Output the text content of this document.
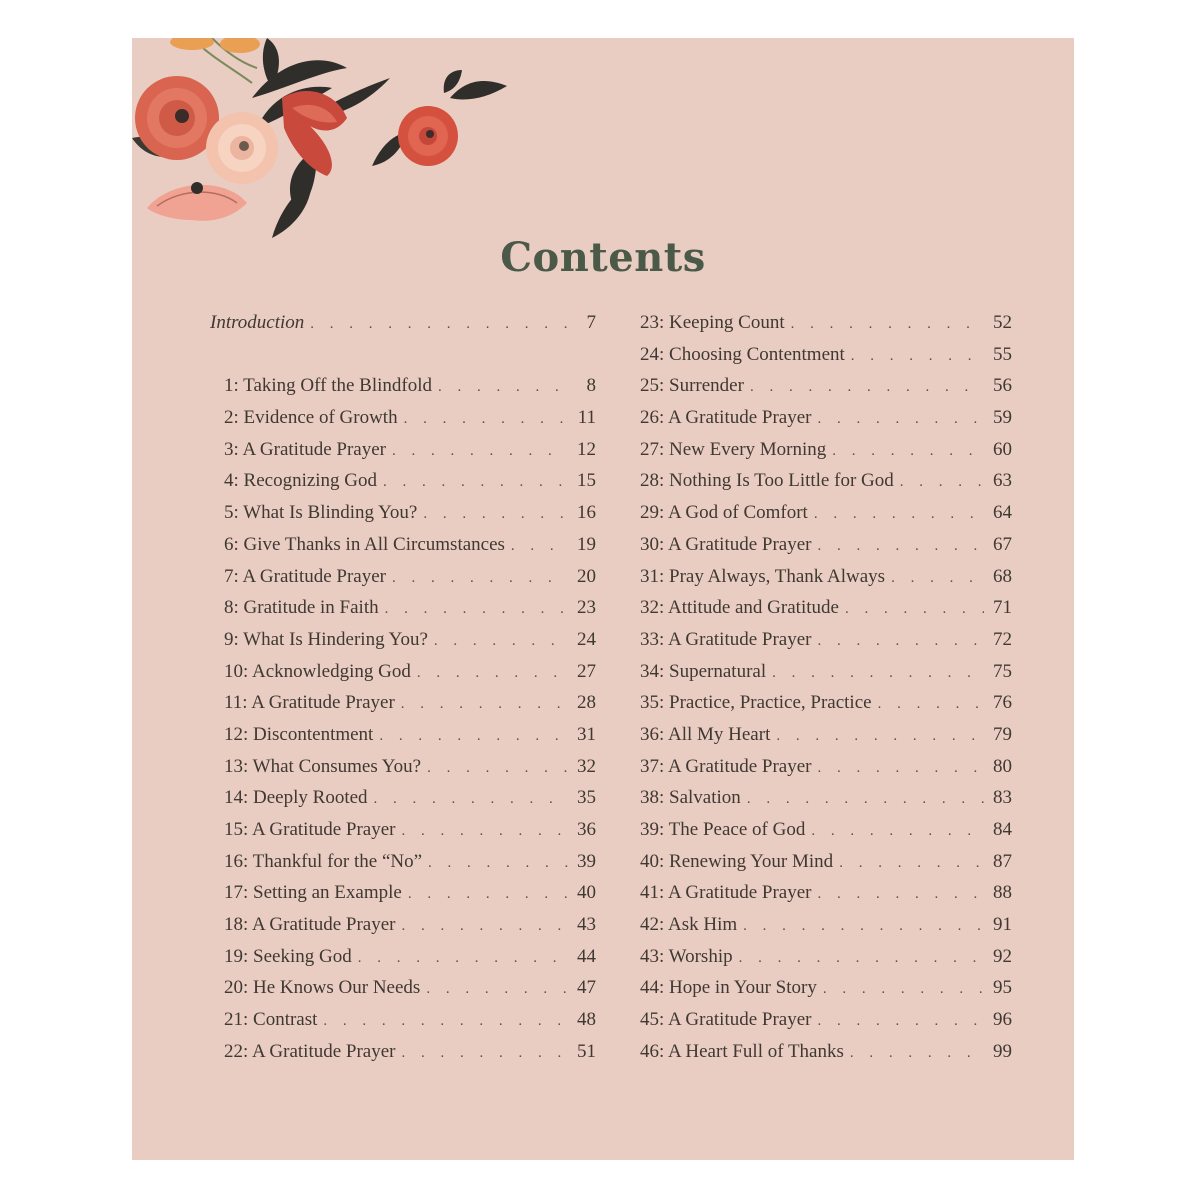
Contents
Introduction . . .	7
1: Taking Off the Blindfold . . .	8
2: Evidence of Growth . . .	11
3: A Gratitude Prayer . . .	12
4: Recognizing God . . .	15
5: What Is Blinding You? . . .	16
6: Give Thanks in All Circumstances . . .	19
7: A Gratitude Prayer . . .	20
8: Gratitude in Faith . . .	23
9: What Is Hindering You? . . .	24
10: Acknowledging God . . .	27
11: A Gratitude Prayer . . .	28
12: Discontentment . . .	31
13: What Consumes You? . . .	32
14: Deeply Rooted . . .	35
15: A Gratitude Prayer . . .	36
16: Thankful for the “No” . . .	39
17: Setting an Example . . .	40
18: A Gratitude Prayer . . .	43
19: Seeking God . . .	44
20: He Knows Our Needs . . .	47
21: Contrast . . .	48
22: A Gratitude Prayer . . .	51
23: Keeping Count . . .	52
24: Choosing Contentment . . .	55
25: Surrender . . .	56
26: A Gratitude Prayer . . .	59
27: New Every Morning . . .	60
28: Nothing Is Too Little for God . . .	63
29: A God of Comfort . . .	64
30: A Gratitude Prayer . . .	67
31: Pray Always, Thank Always . . .	68
32: Attitude and Gratitude . . .	71
33: A Gratitude Prayer . . .	72
34: Supernatural . . .	75
35: Practice, Practice, Practice . . .	76
36: All My Heart . . .	79
37: A Gratitude Prayer . . .	80
38: Salvation . . .	83
39: The Peace of God . . .	84
40: Renewing Your Mind . . .	87
41: A Gratitude Prayer . . .	88
42: Ask Him . . .	91
43: Worship . . .	92
44: Hope in Your Story . . .	95
45: A Gratitude Prayer . . .	96
46: A Heart Full of Thanks . . .	99
